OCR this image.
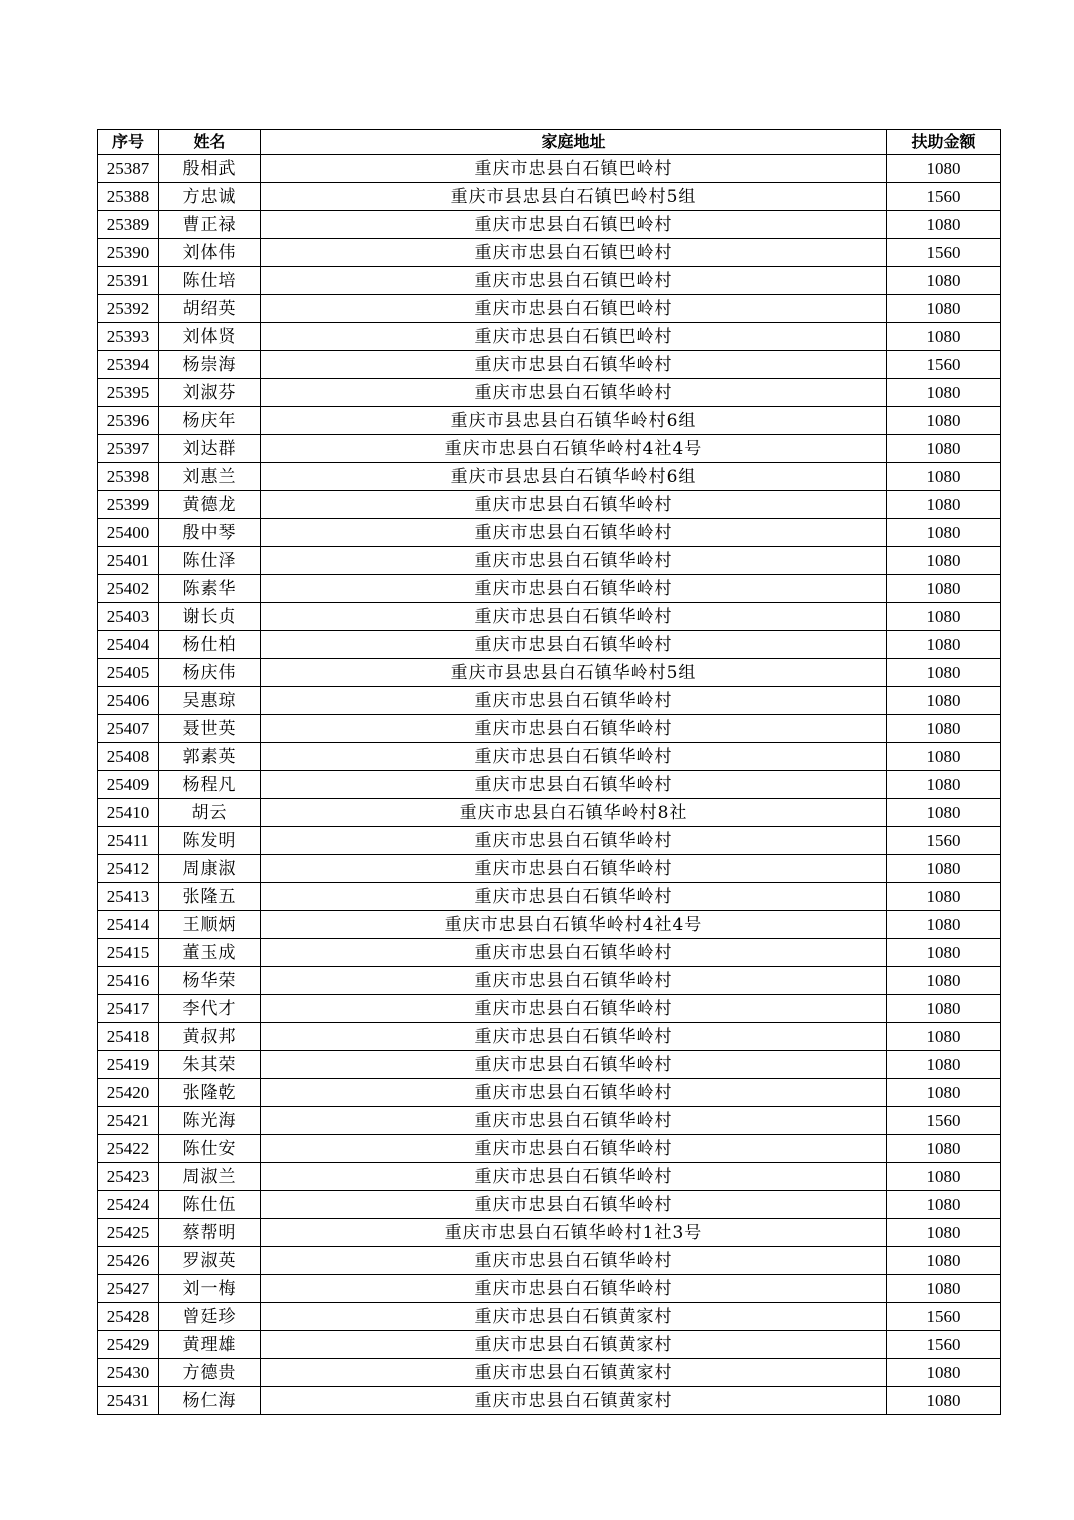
序号	姓名	家庭地址	扶助金额
25387	殷相武	重庆市忠县白石镇巴岭村	1080
25388	方忠诚	重庆市县忠县白石镇巴岭村5组	1560
25389	曹正禄	重庆市忠县白石镇巴岭村	1080
25390	刘体伟	重庆市忠县白石镇巴岭村	1560
25391	陈仕培	重庆市忠县白石镇巴岭村	1080
25392	胡绍英	重庆市忠县白石镇巴岭村	1080
25393	刘体贤	重庆市忠县白石镇巴岭村	1080
25394	杨崇海	重庆市忠县白石镇华岭村	1560
25395	刘淑芬	重庆市忠县白石镇华岭村	1080
25396	杨庆年	重庆市县忠县白石镇华岭村6组	1080
25397	刘达群	重庆市忠县白石镇华岭村4社4号	1080
25398	刘惠兰	重庆市县忠县白石镇华岭村6组	1080
25399	黄德龙	重庆市忠县白石镇华岭村	1080
25400	殷中琴	重庆市忠县白石镇华岭村	1080
25401	陈仕泽	重庆市忠县白石镇华岭村	1080
25402	陈素华	重庆市忠县白石镇华岭村	1080
25403	谢长贞	重庆市忠县白石镇华岭村	1080
25404	杨仕柏	重庆市忠县白石镇华岭村	1080
25405	杨庆伟	重庆市县忠县白石镇华岭村5组	1080
25406	吴惠琼	重庆市忠县白石镇华岭村	1080
25407	聂世英	重庆市忠县白石镇华岭村	1080
25408	郭素英	重庆市忠县白石镇华岭村	1080
25409	杨程凡	重庆市忠县白石镇华岭村	1080
25410	胡云	重庆市忠县白石镇华岭村8社	1080
25411	陈发明	重庆市忠县白石镇华岭村	1560
25412	周康淑	重庆市忠县白石镇华岭村	1080
25413	张隆五	重庆市忠县白石镇华岭村	1080
25414	王顺炳	重庆市忠县白石镇华岭村4社4号	1080
25415	董玉成	重庆市忠县白石镇华岭村	1080
25416	杨华荣	重庆市忠县白石镇华岭村	1080
25417	李代才	重庆市忠县白石镇华岭村	1080
25418	黄叔邦	重庆市忠县白石镇华岭村	1080
25419	朱其荣	重庆市忠县白石镇华岭村	1080
25420	张隆乾	重庆市忠县白石镇华岭村	1080
25421	陈光海	重庆市忠县白石镇华岭村	1560
25422	陈仕安	重庆市忠县白石镇华岭村	1080
25423	周淑兰	重庆市忠县白石镇华岭村	1080
25424	陈仕伍	重庆市忠县白石镇华岭村	1080
25425	蔡帮明	重庆市忠县白石镇华岭村1社3号	1080
25426	罗淑英	重庆市忠县白石镇华岭村	1080
25427	刘一梅	重庆市忠县白石镇华岭村	1080
25428	曾廷珍	重庆市忠县白石镇黄家村	1560
25429	黄理雄	重庆市忠县白石镇黄家村	1560
25430	方德贵	重庆市忠县白石镇黄家村	1080
25431	杨仁海	重庆市忠县白石镇黄家村	1080
